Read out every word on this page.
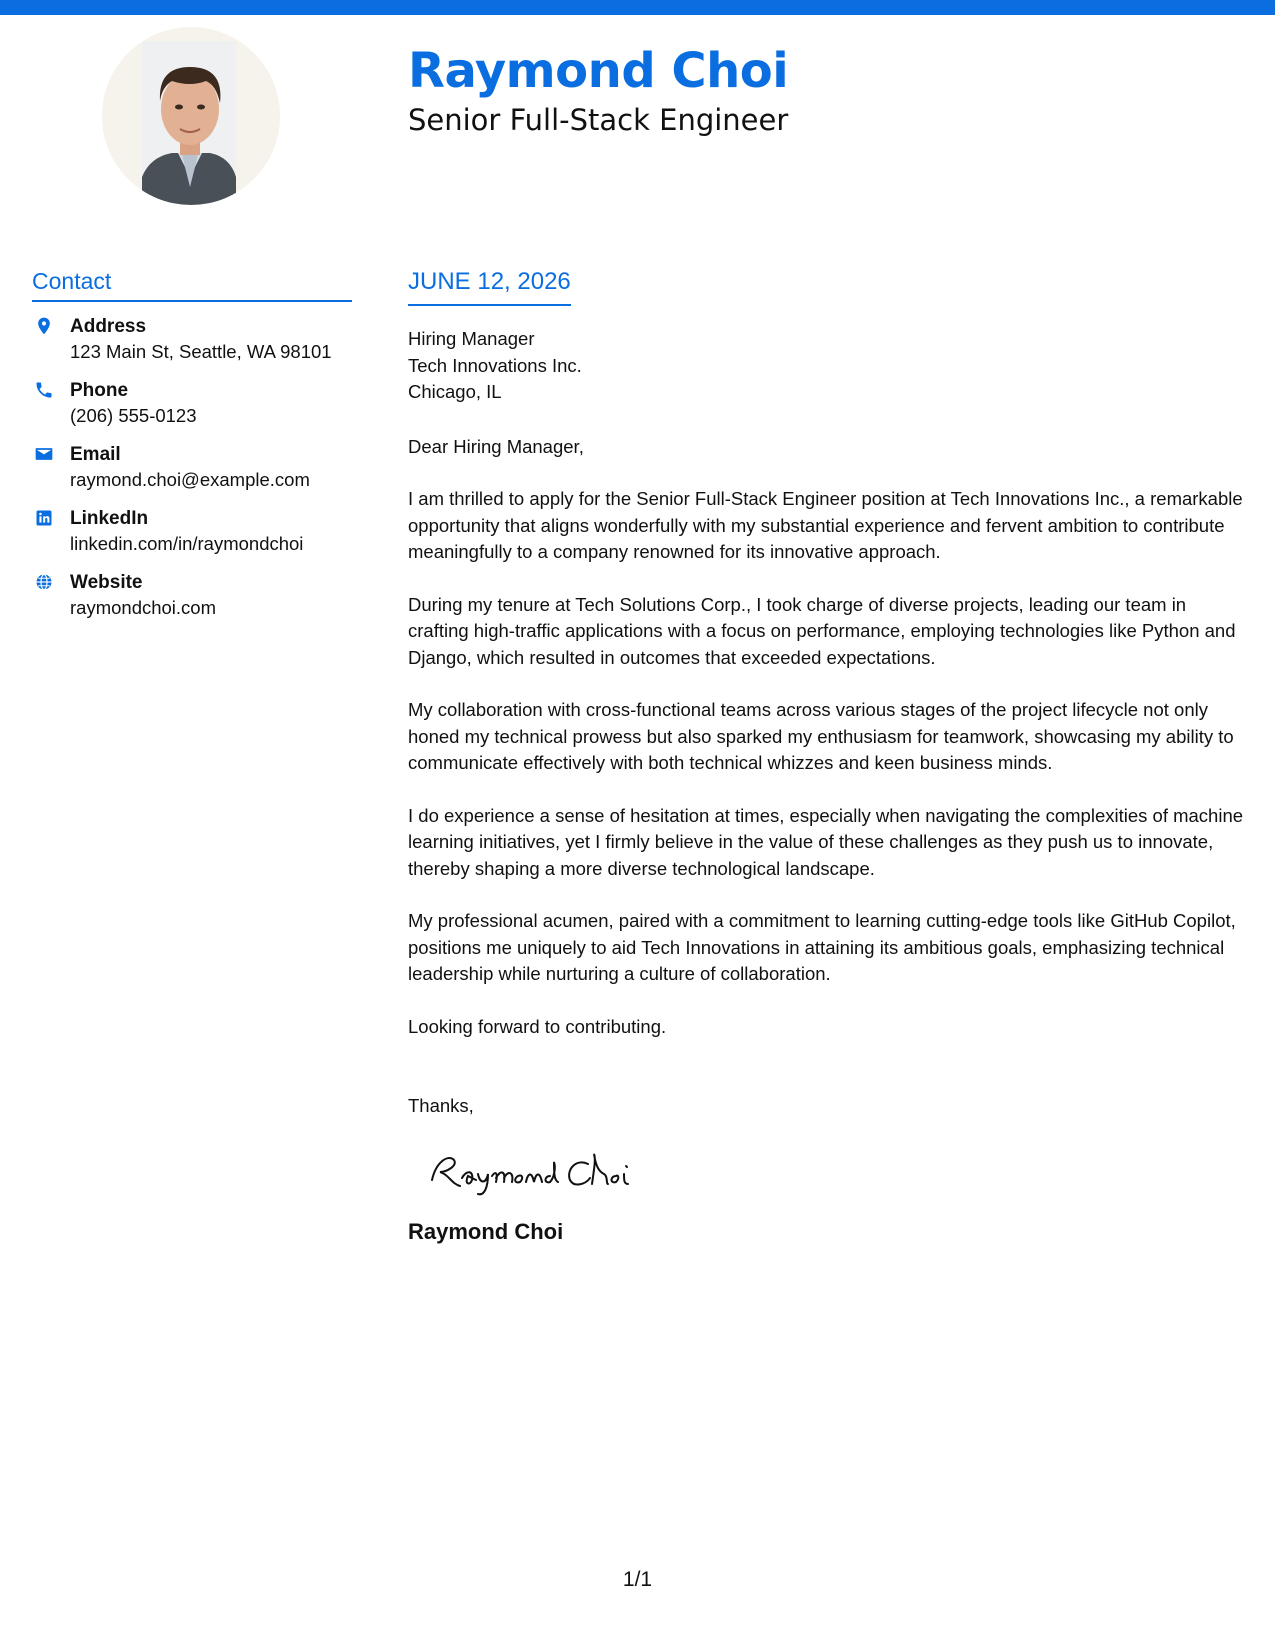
Raymond Choi
Senior Full-Stack Engineer
Contact
Address
123 Main St, Seattle, WA 98101
Phone
(206) 555-0123
Email
raymond.choi@example.com
LinkedIn
linkedin.com/in/raymondchoi
Website
raymondchoi.com
JUNE 12, 2026
Hiring Manager
Tech Innovations Inc.
Chicago, IL
Dear Hiring Manager,
I am thrilled to apply for the Senior Full-Stack Engineer position at Tech Innovations Inc., a remarkable opportunity that aligns wonderfully with my substantial experience and fervent ambition to contribute meaningfully to a company renowned for its innovative approach.
During my tenure at Tech Solutions Corp., I took charge of diverse projects, leading our team in crafting high-traffic applications with a focus on performance, employing technologies like Python and Django, which resulted in outcomes that exceeded expectations.
My collaboration with cross-functional teams across various stages of the project lifecycle not only honed my technical prowess but also sparked my enthusiasm for teamwork, showcasing my ability to communicate effectively with both technical whizzes and keen business minds.
I do experience a sense of hesitation at times, especially when navigating the complexities of machine learning initiatives, yet I firmly believe in the value of these challenges as they push us to innovate, thereby shaping a more diverse technological landscape.
My professional acumen, paired with a commitment to learning cutting-edge tools like GitHub Copilot, positions me uniquely to aid Tech Innovations in attaining its ambitious goals, emphasizing technical leadership while nurturing a culture of collaboration.
Looking forward to contributing.
Thanks,
Raymond Choi
1/1
